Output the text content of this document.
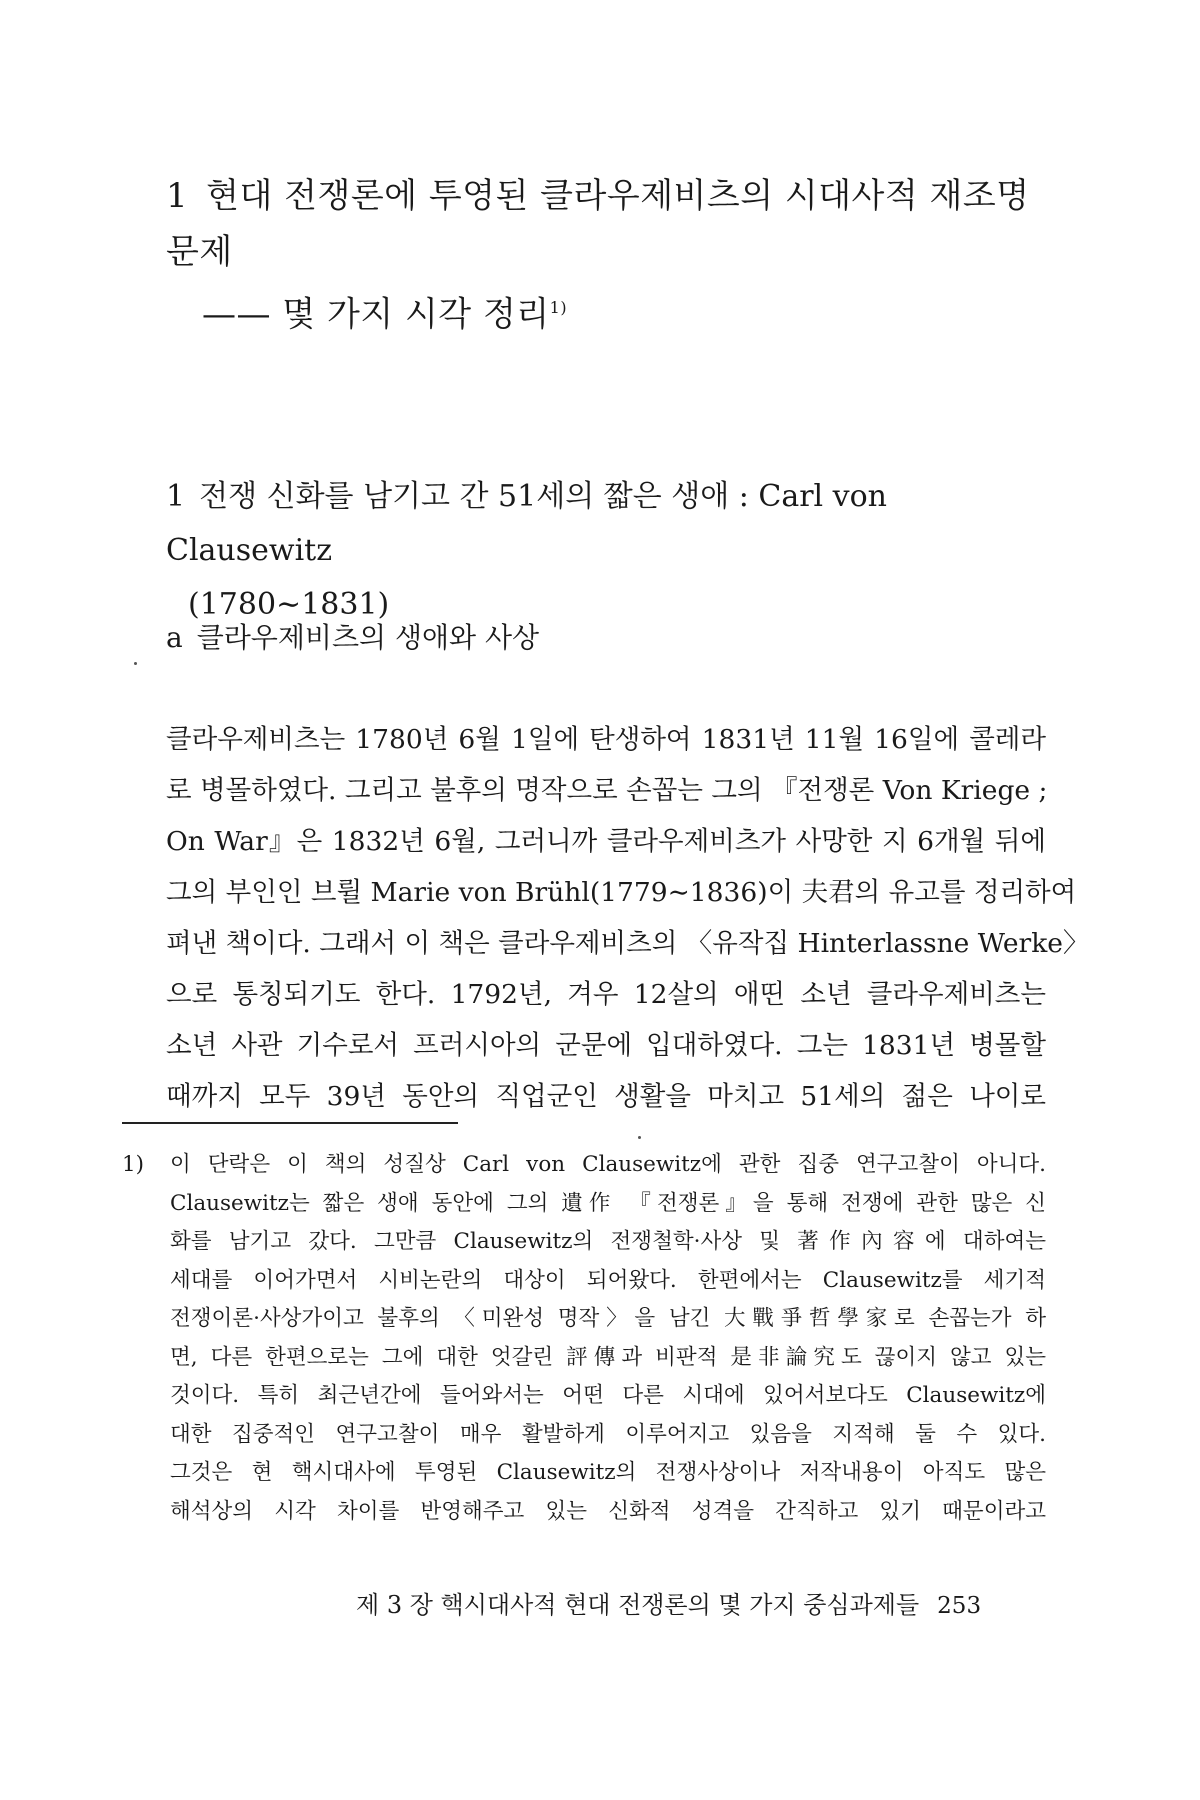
1 현대 전쟁론에 투영된 클라우제비츠의 시대사적 재조명 문제
—— 몇 가지 시각 정리$^{1)}$
1 전쟁 신화를 남기고 간 51세의 짧은 생애 : Carl von Clausewitz
(1780∼1831)
a 클라우제비츠의 생애와 사상
클라우제비츠는 1780년 6월 1일에 탄생하여 1831년 11월 16일에 콜레라
로 병몰하였다. 그리고 불후의 명작으로 손꼽는 그의 『전쟁론 Von Kriege ;
On War』은 1832년 6월, 그러니까 클라우제비츠가 사망한 지 6개월 뒤에
그의 부인인 브륄 Marie von Brühl(1779∼1836)이 夫君의 유고를 정리하여
펴낸 책이다. 그래서 이 책은 클라우제비츠의 〈유작집 Hinterlassne Werke〉
으로 통칭되기도 한다. 1792년, 겨우 12살의 애띤 소년 클라우제비츠는
소년 사관 기수로서 프러시아의 군문에 입대하였다. 그는 1831년 병몰할
때까지 모두 39년 동안의 직업군인 생활을 마치고 51세의 젊은 나이로
1) 이 단락은 이 책의 성질상 Carl von Clausewitz에 관한 집중 연구고찰이 아니다.
Clausewitz는 짧은 생애 동안에 그의 遺作 『전쟁론』을 통해 전쟁에 관한 많은 신
화를 남기고 갔다. 그만큼 Clausewitz의 전쟁철학·사상 및 著作內容에 대하여는
세대를 이어가면서 시비논란의 대상이 되어왔다. 한편에서는 Clausewitz를 세기적
전쟁이론·사상가이고 불후의 〈미완성 명작〉을 남긴 大戰爭哲學家로 손꼽는가 하
면, 다른 한편으로는 그에 대한 엇갈린 評傳과 비판적 是非論究도 끊이지 않고 있는
것이다. 특히 최근년간에 들어와서는 어떤 다른 시대에 있어서보다도 Clausewitz에
대한 집중적인 연구고찰이 매우 활발하게 이루어지고 있음을 지적해 둘 수 있다.
그것은 현 핵시대사에 투영된 Clausewitz의 전쟁사상이나 저작내용이 아직도 많은
해석상의 시각 차이를 반영해주고 있는 신화적 성격을 간직하고 있기 때문이라고
제 3 장 핵시대사적 현대 전쟁론의 몇 가지 중심과제들 253
